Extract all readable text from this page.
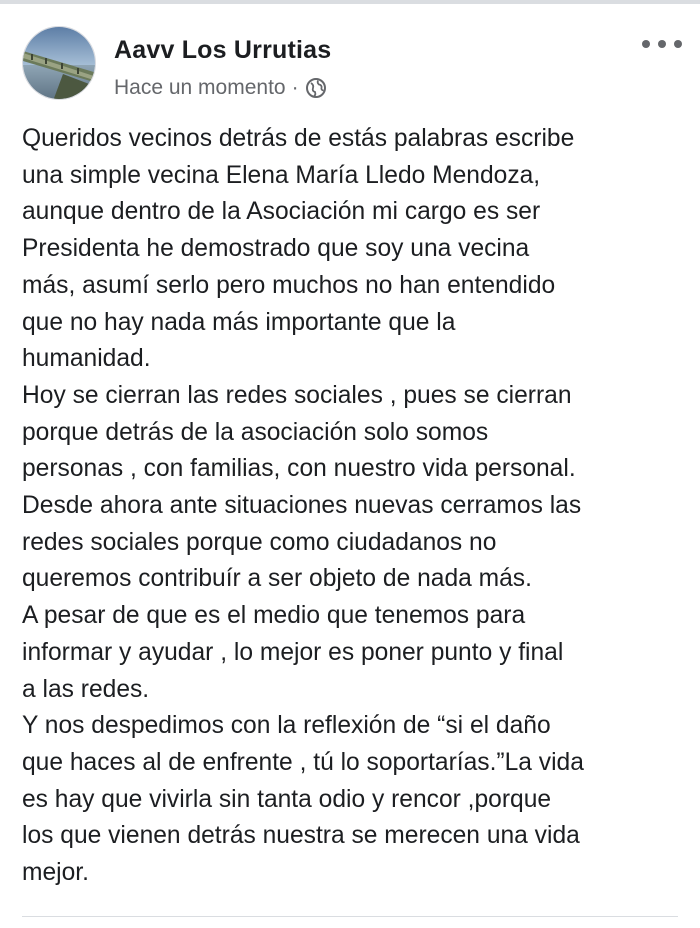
Aavv Los Urrutias
Hace un momento ·

Queridos vecinos detrás de estás palabras escribe

una simple vecina Elena María Lledo Mendoza,

aunque dentro de la Asociación mi cargo es ser

Presidenta he demostrado que soy una vecina

más, asumí serlo pero muchos no han entendido

que no hay nada más importante que la

humanidad.

Hoy se cierran las redes sociales , pues se cierran

porque detrás de la asociación solo somos

personas , con familias, con nuestro vida personal.

Desde ahora ante situaciones nuevas cerramos las

redes sociales porque como ciudadanos no

queremos contribuír a ser objeto de nada más.

A pesar de que es el medio que tenemos para

informar y ayudar , lo mejor es poner punto y final

a las redes.

Y nos despedimos con la reflexión de “si el daño

que haces al de enfrente , tú lo soportarías.”La vida

es hay que vivirla sin tanta odio y rencor ,porque

los que vienen detrás nuestra se merecen una vida

mejor.
